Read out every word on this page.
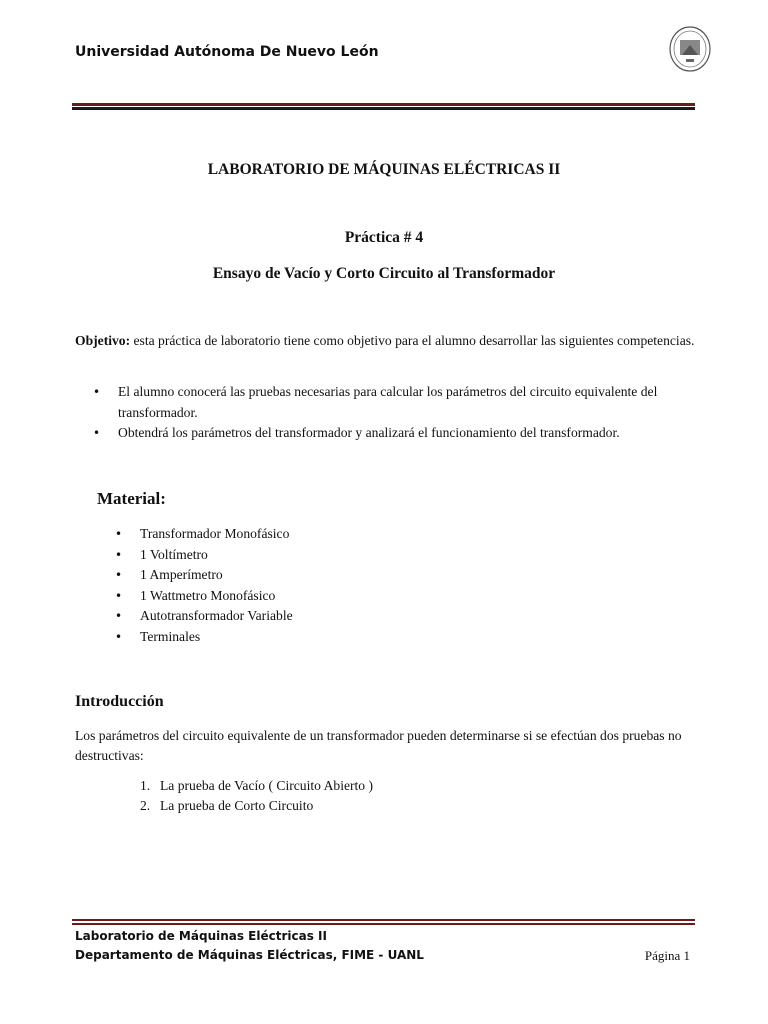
Universidad Autónoma De Nuevo León
LABORATORIO DE MÁQUINAS ELÉCTRICAS II
Práctica # 4
Ensayo de Vacío y Corto Circuito al Transformador
Objetivo: esta práctica de laboratorio tiene como objetivo para el alumno desarrollar las siguientes competencias.
• El alumno conocerá las pruebas necesarias para calcular los parámetros del circuito equivalente del transformador.
• Obtendrá los parámetros del transformador y analizará el funcionamiento del transformador.
Material:
• Transformador Monofásico
• 1 Voltímetro
• 1 Amperímetro
• 1 Wattmetro Monofásico
• Autotransformador Variable
• Terminales
Introducción
Los parámetros del circuito equivalente de un transformador pueden determinarse si se efectúan dos pruebas no destructivas:
1. La prueba de Vacío ( Circuito Abierto )
2. La prueba de Corto Circuito
Laboratorio de Máquinas Eléctricas II
Departamento de Máquinas Eléctricas, FIME - UANL	Página 1
